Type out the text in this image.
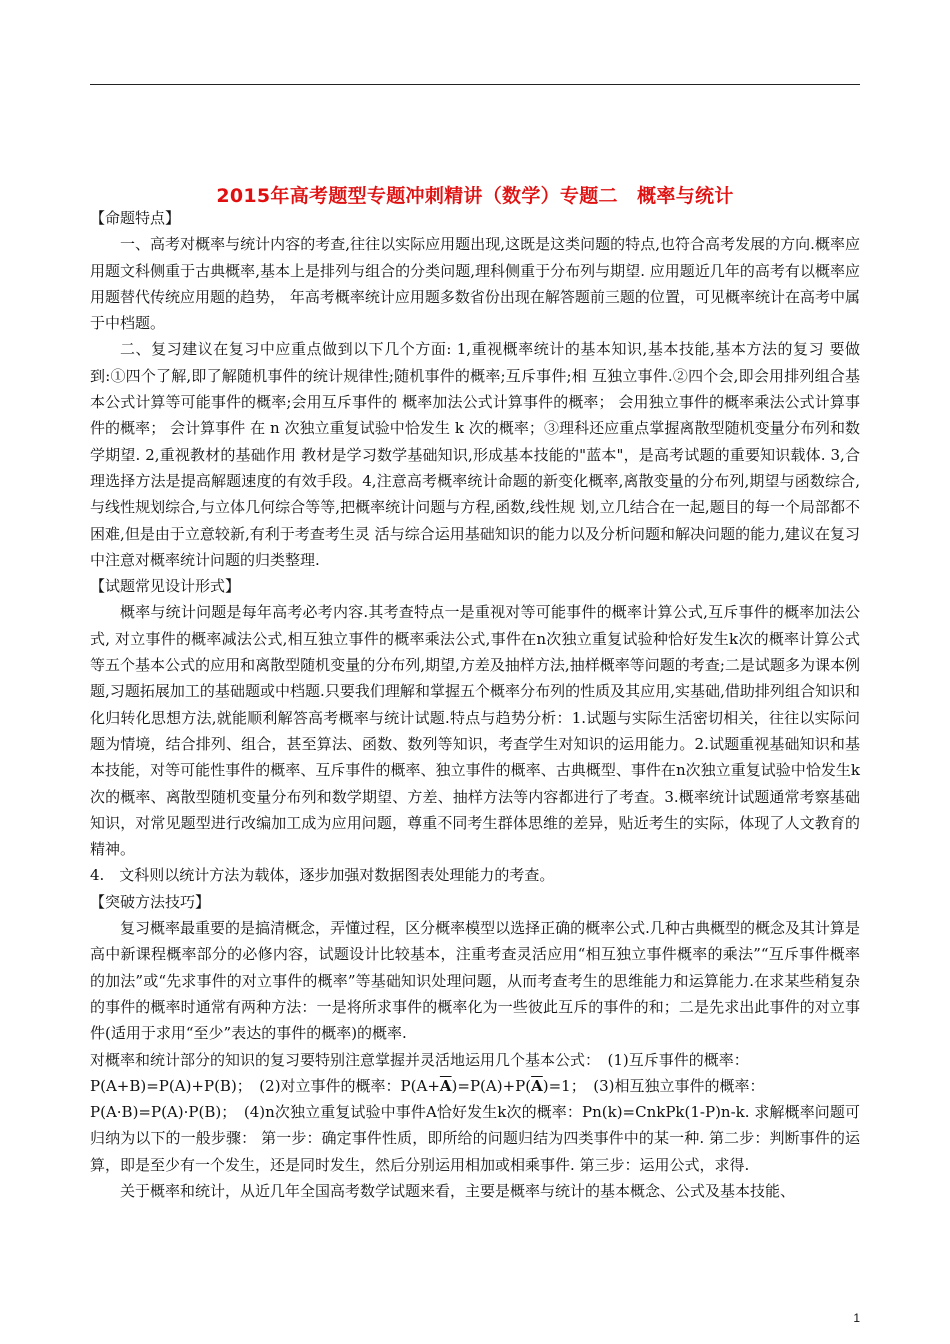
2015年高考题型专题冲刺精讲（数学）专题二　概率与统计

【命题特点】

一、高考对概率与统计内容的考查,往往以实际应用题出现,这既是这类问题的特点,也符合高考发展的方向.概率应用题文科侧重于古典概率,基本上是排列与组合的分类问题,理科侧重于分布列与期望. 应用题近几年的高考有以概率应用题替代传统应用题的趋势， 年高考概率统计应用题多数省份出现在解答题前三题的位置，可见概率统计在高考中属于中档题。

二、复习建议在复习中应重点做到以下几个方面: 1,重视概率统计的基本知识,基本技能,基本方法的复习 要做到:①四个了解,即了解随机事件的统计规律性;随机事件的概率;互斥事件;相 互独立事件.②四个会,即会用排列组合基本公式计算等可能事件的概率;会用互斥事件的 概率加法公式计算事件的概率； 会用独立事件的概率乘法公式计算事件的概率； 会计算事件 在 n 次独立重复试验中恰发生 k 次的概率；③理科还应重点掌握离散型随机变量分布列和数 学期望. 2,重视教材的基础作用 教材是学习数学基础知识,形成基本技能的"蓝本"，是高考试题的重要知识载体. 3,合理选择方法是提高解题速度的有效手段。4,注意高考概率统计命题的新变化概率,离散变量的分布列,期望与函数综合,与线性规划综合,与立体几何综合等等,把概率统计问题与方程,函数,线性规 划,立几结合在一起,题目的每一个局部都不困难,但是由于立意较新,有利于考查考生灵 活与综合运用基础知识的能力以及分析问题和解决问题的能力,建议在复习中注意对概率统计问题的归类整理.

【试题常见设计形式】

概率与统计问题是每年高考必考内容.其考查特点一是重视对等可能事件的概率计算公式,互斥事件的概率加法公式, 对立事件的概率减法公式,相互独立事件的概率乘法公式,事件在n次独立重复试验种恰好发生k次的概率计算公式等五个基本公式的应用和离散型随机变量的分布列,期望,方差及抽样方法,抽样概率等问题的考查;二是试题多为课本例题,习题拓展加工的基础题或中档题.只要我们理解和掌握五个概率分布列的性质及其应用,实基础,借助排列组合知识和化归转化思想方法,就能顺利解答高考概率与统计试题.特点与趋势分析：1.试题与实际生活密切相关，往往以实际问题为情境，结合排列、组合，甚至算法、函数、数列等知识，考查学生对知识的运用能力。2.试题重视基础知识和基本技能，对等可能性事件的概率、互斥事件的概率、独立事件的概率、古典概型、事件在n次独立重复试验中恰发生k次的概率、离散型随机变量分布列和数学期望、方差、抽样方法等内容都进行了考查。3.概率统计试题通常考察基础知识，对常见题型进行改编加工成为应用问题，尊重不同考生群体思维的差异，贴近考生的实际，体现了人文教育的精神。

4.　文科则以统计方法为载体，逐步加强对数据图表处理能力的考查。

【突破方法技巧】

复习概率最重要的是搞清概念，弄懂过程，区分概率模型以选择正确的概率公式.几种古典概型的概念及其计算是高中新课程概率部分的必修内容，试题设计比较基本，注重考查灵活应用“相互独立事件概率的乘法”“互斥事件概率的加法”或“先求事件的对立事件的概率”等基础知识处理问题，从而考查考生的思维能力和运算能力.在求某些稍复杂的事件的概率时通常有两种方法：一是将所求事件的概率化为一些彼此互斥的事件的和；二是先求出此事件的对立事件(适用于求用“至少”表达的事件的概率)的概率.

对概率和统计部分的知识的复习要特别注意掌握并灵活地运用几个基本公式：　(1)互斥事件的概率：

P(A+B)=P(A)+P(B)；　(2)对立事件的概率：$P(A+\overline{A})=P(A)+P(\overline{A})=1$；　(3)相互独立事件的概率：

P(A·B)=P(A)·P(B)；　(4)n次独立重复试验中事件A恰好发生k次的概率：Pn(k)=CnkPk(1-P)n-k. 求解概率问题可归纳为以下的一般步骤： 第一步：确定事件性质，即所给的问题归结为四类事件中的某一种. 第二步：判断事件的运算，即是至少有一个发生，还是同时发生，然后分别运用相加或相乘事件. 第三步：运用公式，求得.

关于概率和统计，从近几年全国高考数学试题来看，主要是概率与统计的基本概念、公式及基本技能、

1
